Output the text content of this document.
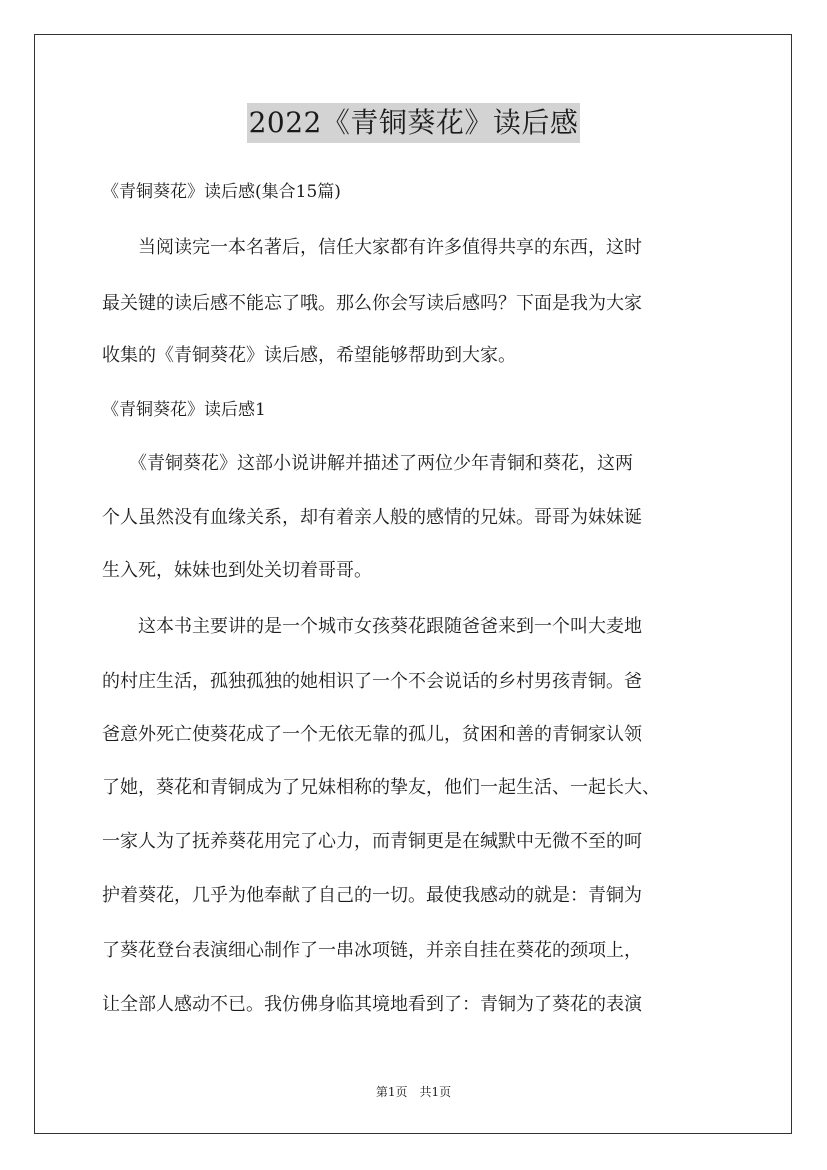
2022《青铜葵花》读后感
《青铜葵花》读后感(集合15篇)
　　当阅读完一本名著后，信任大家都有许多值得共享的东西，这时
最关键的读后感不能忘了哦。那么你会写读后感吗？下面是我为大家
收集的《青铜葵花》读后感，希望能够帮助到大家。
《青铜葵花》读后感1
　　《青铜葵花》这部小说讲解并描述了两位少年青铜和葵花，这两
个人虽然没有血缘关系，却有着亲人般的感情的兄妹。哥哥为妹妹诞
生入死，妹妹也到处关切着哥哥。
　　这本书主要讲的是一个城市女孩葵花跟随爸爸来到一个叫大麦地
的村庄生活，孤独孤独的她相识了一个不会说话的乡村男孩青铜。爸
爸意外死亡使葵花成了一个无依无靠的孤儿，贫困和善的青铜家认领
了她，葵花和青铜成为了兄妹相称的挚友，他们一起生活、一起长大、
一家人为了抚养葵花用完了心力，而青铜更是在缄默中无微不至的呵
护着葵花，几乎为他奉献了自己的一切。最使我感动的就是：青铜为
了葵花登台表演细心制作了一串冰项链，并亲自挂在葵花的颈项上，
让全部人感动不已。我仿佛身临其境地看到了：青铜为了葵花的表演
第1页　共1页
